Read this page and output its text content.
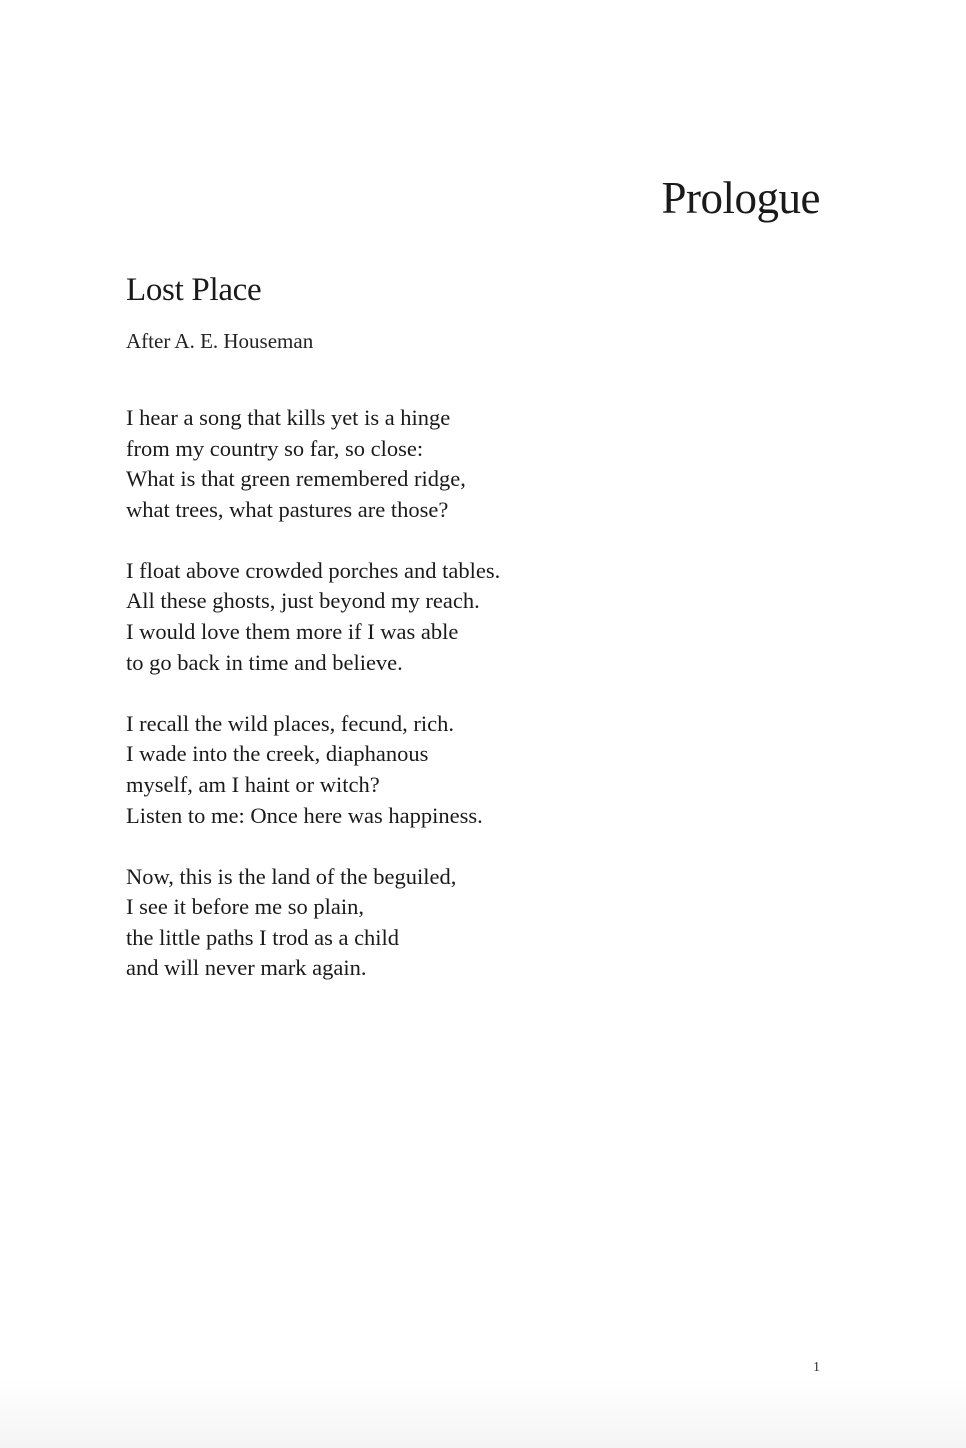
Prologue
Lost Place

After A. E. Houseman

I hear a song that kills yet is a hinge
from my country so far, so close:
What is that green remembered ridge,
what trees, what pastures are those?

I float above crowded porches and tables.
All these ghosts, just beyond my reach.
I would love them more if I was able
to go back in time and believe.

I recall the wild places, fecund, rich.
I wade into the creek, diaphanous
myself, am I haint or witch?
Listen to me: Once here was happiness.

Now, this is the land of the beguiled,
I see it before me so plain,
the little paths I trod as a child
and will never mark again.

1
